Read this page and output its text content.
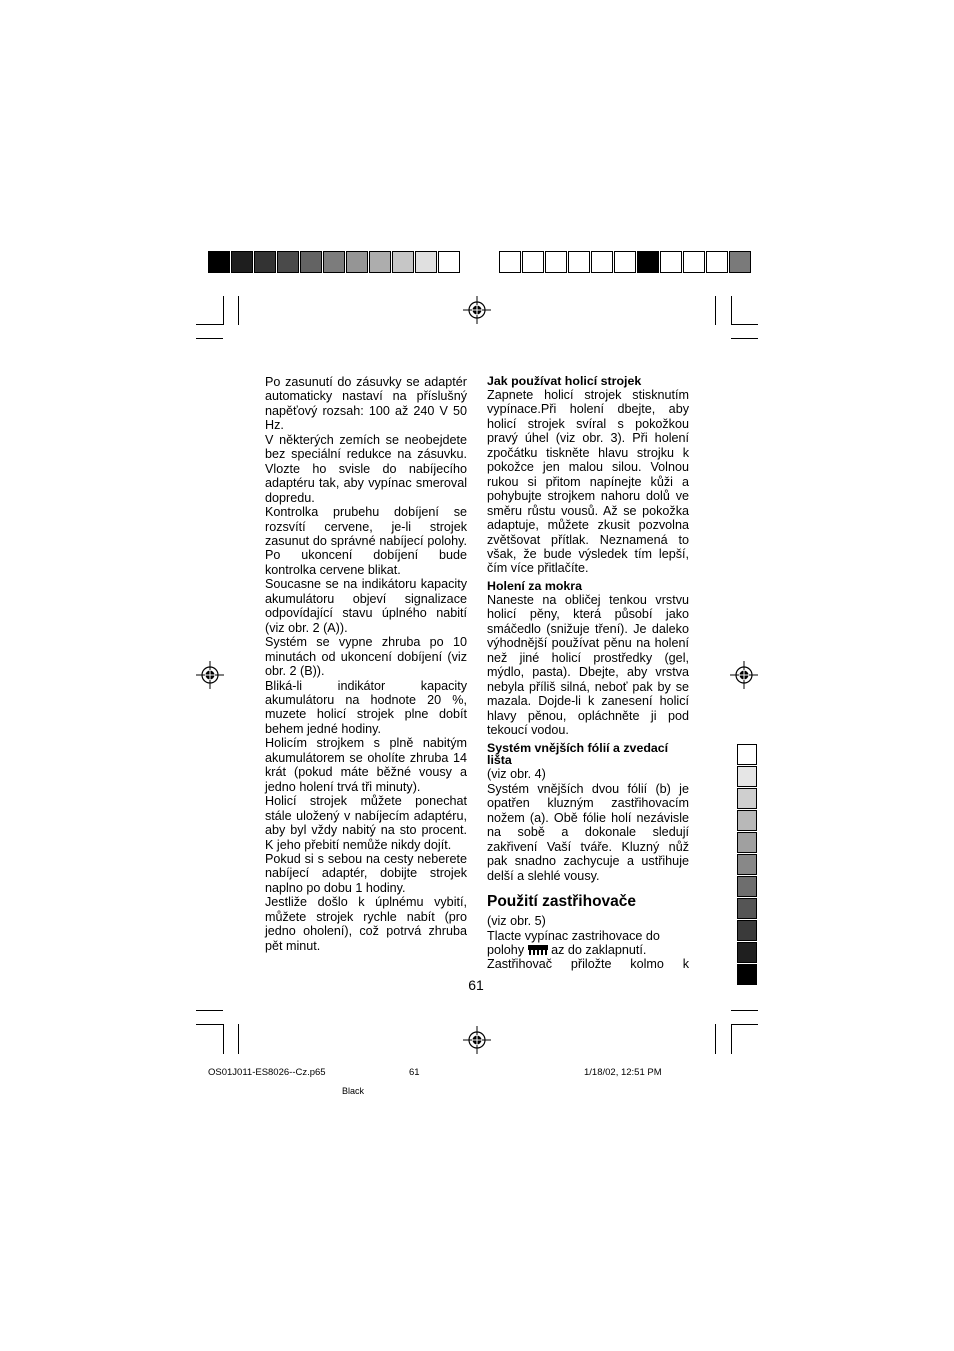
Po zasunutí do zásuvky se adaptér automaticky nastaví na příslušný napěťový rozsah: 100 až 240 V 50 Hz.

V některých zemích se neobejdete bez speciální redukce na zásuvku. Vlozte ho svisle do nabíjecího adaptéru tak, aby vypínac smeroval dopredu.

Kontrolka prubehu dobíjení se rozsvítí cervene, je-li strojek zasunut do správné nabíjecí polohy. Po ukoncení dobíjení bude kontrolka cervene blikat.

Soucasne se na indikátoru kapacity akumulátoru objeví signalizace odpovídající stavu úplného nabití (viz obr. 2 (A)).

Systém se vypne zhruba po 10 minutách od ukoncení dobíjení (viz obr. 2 (B)).

Bliká-li indikátor kapacity akumulátoru na hodnote 20 %, muzete holicí strojek plne dobít behem jedné hodiny.

Holicím strojkem s plně nabitým akumulátorem se oholíte zhruba 14 krát (pokud máte běžné vousy a jedno holení trvá tři minuty).

Holicí strojek můžete ponechat stále uložený v nabíjecím adaptéru, aby byl vždy nabitý na sto procent. K jeho přebití nemůže nikdy dojít.

Pokud si s sebou na cesty neberete nabíjecí adaptér, dobijte strojek naplno po dobu 1 hodiny.

Jestliže došlo k úplnému vybití, můžete strojek rychle nabít (pro jedno oholení), což potrvá zhruba pět minut.

Jak používat holicí strojek

Zapnete holicí strojek stisknutím vypínace.Při holení dbejte, aby holicí strojek svíral s pokožkou pravý úhel (viz obr. 3). Při holení zpočátku tiskněte hlavu strojku k pokožce jen malou silou. Volnou rukou si přitom napínejte kůži a pohybujte strojkem nahoru dolů ve směru růstu vousů. Až se pokožka adaptuje, můžete zkusit pozvolna zvětšovat přítlak. Neznamená to však, že bude výsledek tím lepší, čím více přitlačíte.

Holení za mokra

Naneste na obličej tenkou vrstvu holicí pěny, která působí jako smáčedlo (snižuje tření). Je daleko výhodnější používat pěnu na holení než jiné holicí prostředky (gel, mýdlo, pasta). Dbejte, aby vrstva nebyla příliš silná, neboť pak by se mazala. Dojde-li k zanesení holicí hlavy pěnou, opláchněte ji pod tekoucí vodou.

Systém vnějších fólií a zvedací lišta

(viz obr. 4)

Systém vnějších dvou fólií (b) je opatřen kluzným zastřihovacím nožem (a). Obě fólie holí nezávisle na sobě a dokonale sledují zakřivení Vaší tváře. Kluzný nůž pak snadno zachycuje a ustřihuje delší a slehlé vousy.

Použití zastřihovače

(viz obr. 5)

Tlacte vypínac zastrihovace do

polohy az do zaklapnutí.

Zastřihovač přiložte kolmo k

61
OS01J011-ES8026--Cz.p65	61	1/18/02, 12:51 PM
Black
